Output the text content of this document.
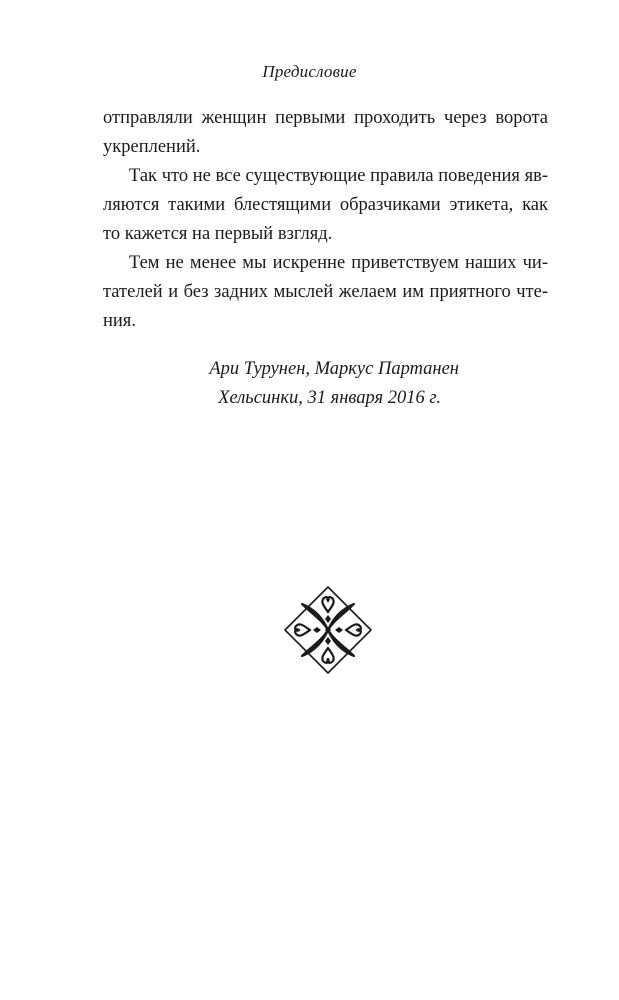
Предисловие
отправляли женщин первыми проходить через ворота
укреплений.
Так что не все существующие правила поведения яв-
ляются такими блестящими образчиками этикета, как
то кажется на первый взгляд.
Тем не менее мы искренне приветствуем наших чи-
тателей и без задних мыслей желаем им приятного чте-
ния.
Ари Турунен, Маркус Партанен
Хельсинки, 31 января 2016 г.
